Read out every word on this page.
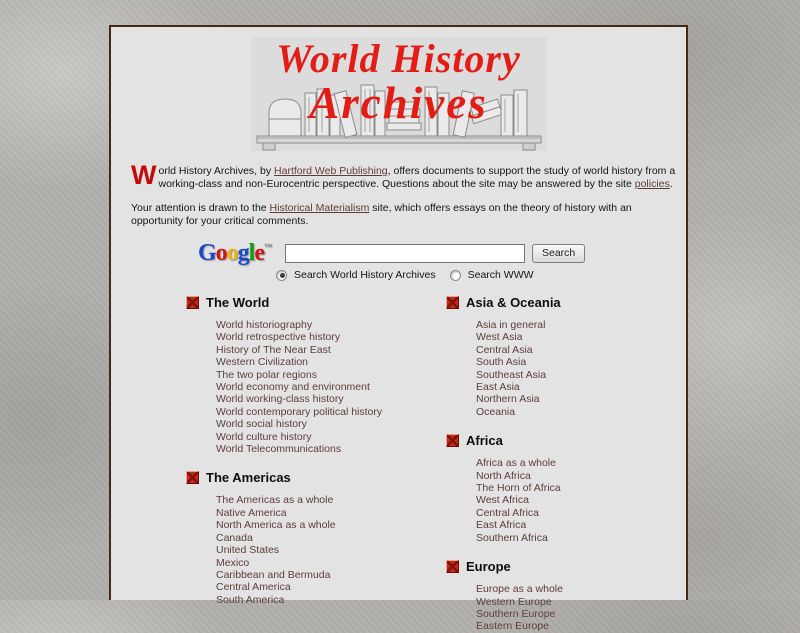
World History
Archives

World History Archives, by Hartford Web Publishing, offers documents to support the study of world history from a working-class and non-Eurocentric perspective. Questions about the site may be answered by the site policies.

Your attention is drawn to the Historical Materialism site, which offers essays on the theory of history with an opportunity for your critical comments.

Google™
Search
Search World History Archives	Search WWW
The World
World historiography
World retrospective history
History of The Near East
Western Civilization
The two polar regions
World economy and environment
World working-class history
World contemporary political history
World social history
World culture history
World Telecommunications
The Americas
The Americas as a whole
Native America
North America as a whole
Canada
United States
Mexico
Caribbean and Bermuda
Central America
South America
Asia & Oceania
Asia in general
West Asia
Central Asia
South Asia
Southeast Asia
East Asia
Northern Asia
Oceania
Africa
Africa as a whole
North Africa
The Horn of Africa
West Africa
Central Africa
East Africa
Southern Africa
Europe
Europe as a whole
Western Europe
Southern Europe
Eastern Europe
